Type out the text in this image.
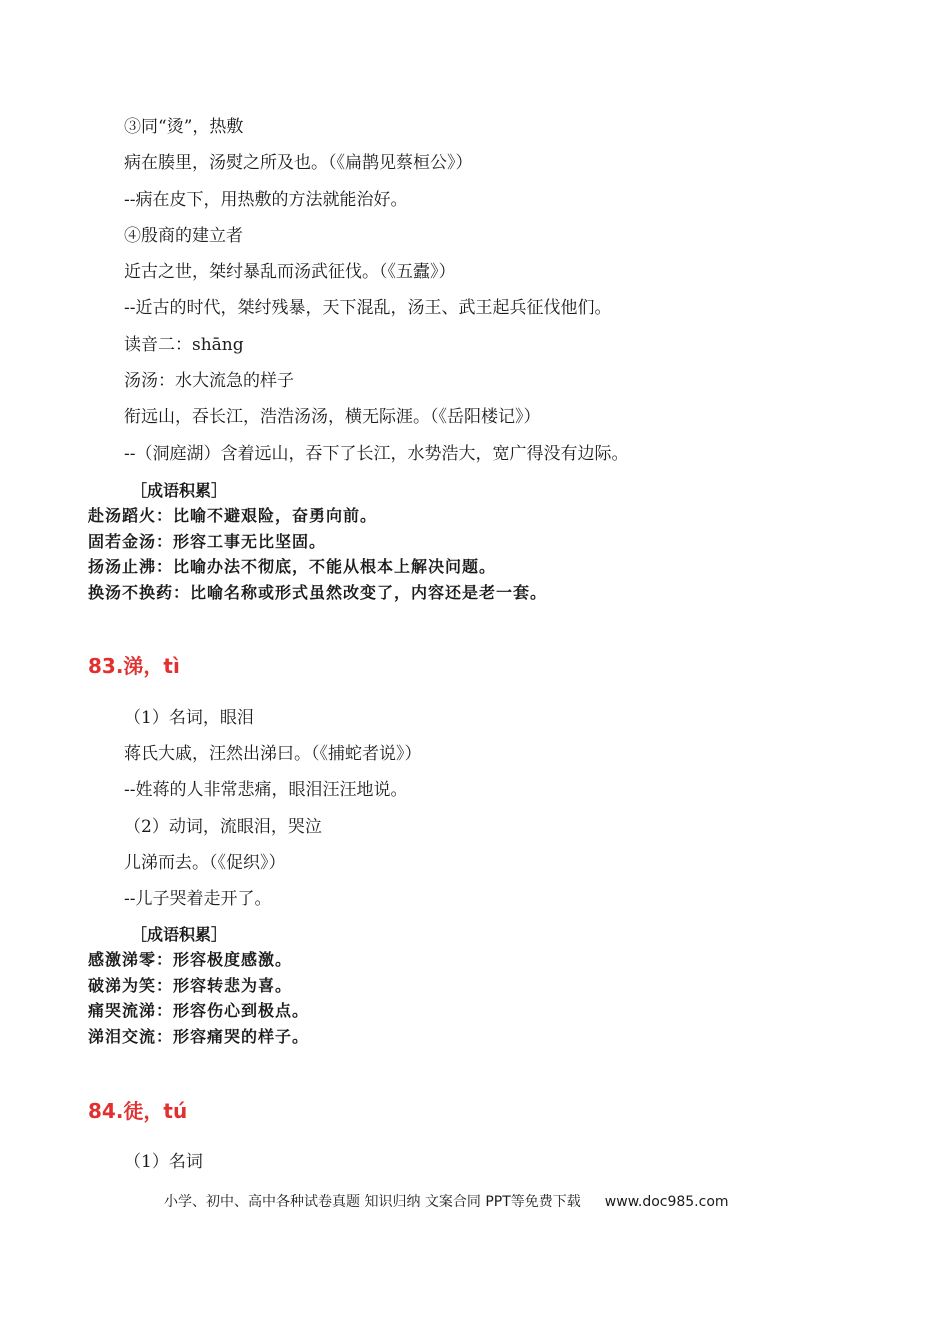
③同“烫”，热敷
病在腠里，汤熨之所及也。（《扁鹊见蔡桓公》）
--病在皮下，用热敷的方法就能治好。
④殷商的建立者
近古之世，桀纣暴乱而汤武征伐。（《五蠹》）
--近古的时代，桀纣残暴，天下混乱，汤王、武王起兵征伐他们。
读音二：shāng
汤汤：水大流急的样子
衔远山，吞长江，浩浩汤汤，横无际涯。（《岳阳楼记》）
--（洞庭湖）含着远山，吞下了长江，水势浩大，宽广得没有边际。
［成语积累］
赴汤蹈火：比喻不避艰险，奋勇向前。
固若金汤：形容工事无比坚固。
扬汤止沸：比喻办法不彻底，不能从根本上解决问题。
换汤不换药：比喻名称或形式虽然改变了，内容还是老一套。
83.涕，tì
（1）名词，眼泪
蒋氏大戚，汪然出涕曰。（《捕蛇者说》）
--姓蒋的人非常悲痛，眼泪汪汪地说。
（2）动词，流眼泪，哭泣
儿涕而去。（《促织》）
--儿子哭着走开了。
［成语积累］
感激涕零：形容极度感激。
破涕为笑：形容转悲为喜。
痛哭流涕：形容伤心到极点。
涕泪交流：形容痛哭的样子。
84.徒，tú
（1）名词
小学、初中、高中各种试卷真题 知识归纳 文案合同 PPT等免费下载 www.doc985.com
